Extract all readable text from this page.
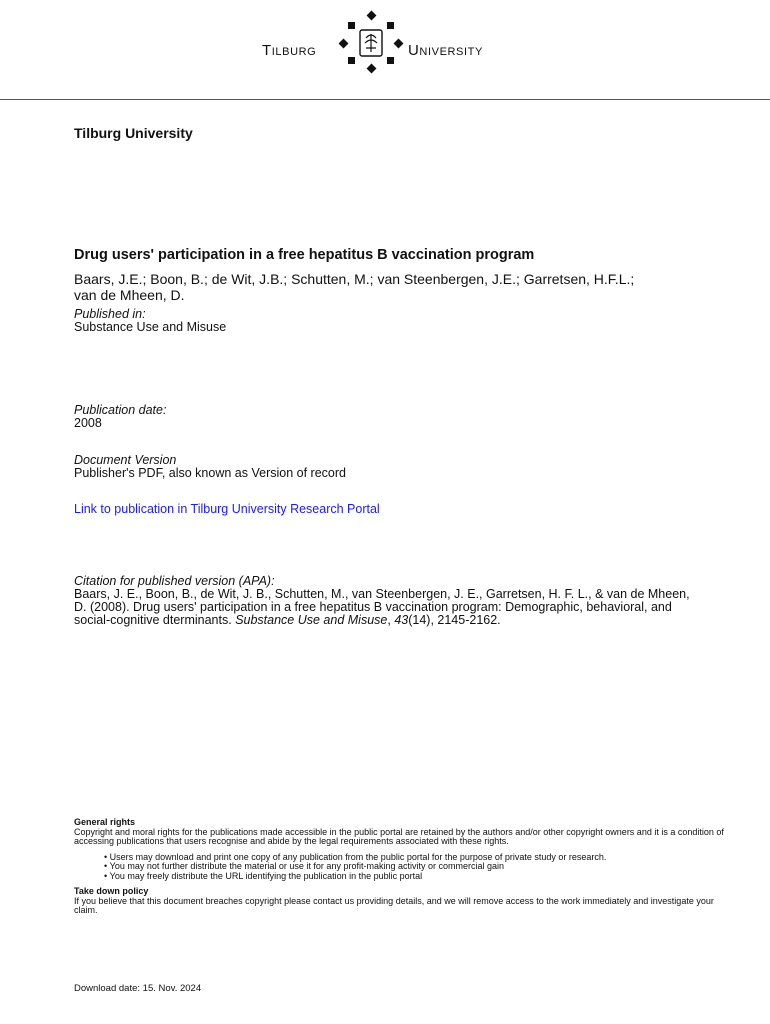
Tilburg	University
Tilburg University
Drug users' participation in a free hepatitus B vaccination program
Baars, J.E.; Boon, B.; de Wit, J.B.; Schutten, M.; van Steenbergen, J.E.; Garretsen, H.F.L.;
van de Mheen, D.
Published in:
Substance Use and Misuse
Publication date:
2008
Document Version
Publisher's PDF, also known as Version of record
Link to publication in Tilburg University Research Portal
Citation for published version (APA):
Baars, J. E., Boon, B., de Wit, J. B., Schutten, M., van Steenbergen, J. E., Garretsen, H. F. L., & van de Mheen,
D. (2008). Drug users' participation in a free hepatitus B vaccination program: Demographic, behavioral, and
social-cognitive dterminants. Substance Use and Misuse, 43(14), 2145-2162.
General rights
Copyright and moral rights for the publications made accessible in the public portal are retained by the authors and/or other copyright owners and it is a condition of accessing publications that users recognise and abide by the legal requirements associated with these rights.
• Users may download and print one copy of any publication from the public portal for the purpose of private study or research.
• You may not further distribute the material or use it for any profit-making activity or commercial gain
• You may freely distribute the URL identifying the publication in the public portal
Take down policy
If you believe that this document breaches copyright please contact us providing details, and we will remove access to the work immediately and investigate your claim.
Download date: 15. Nov. 2024
